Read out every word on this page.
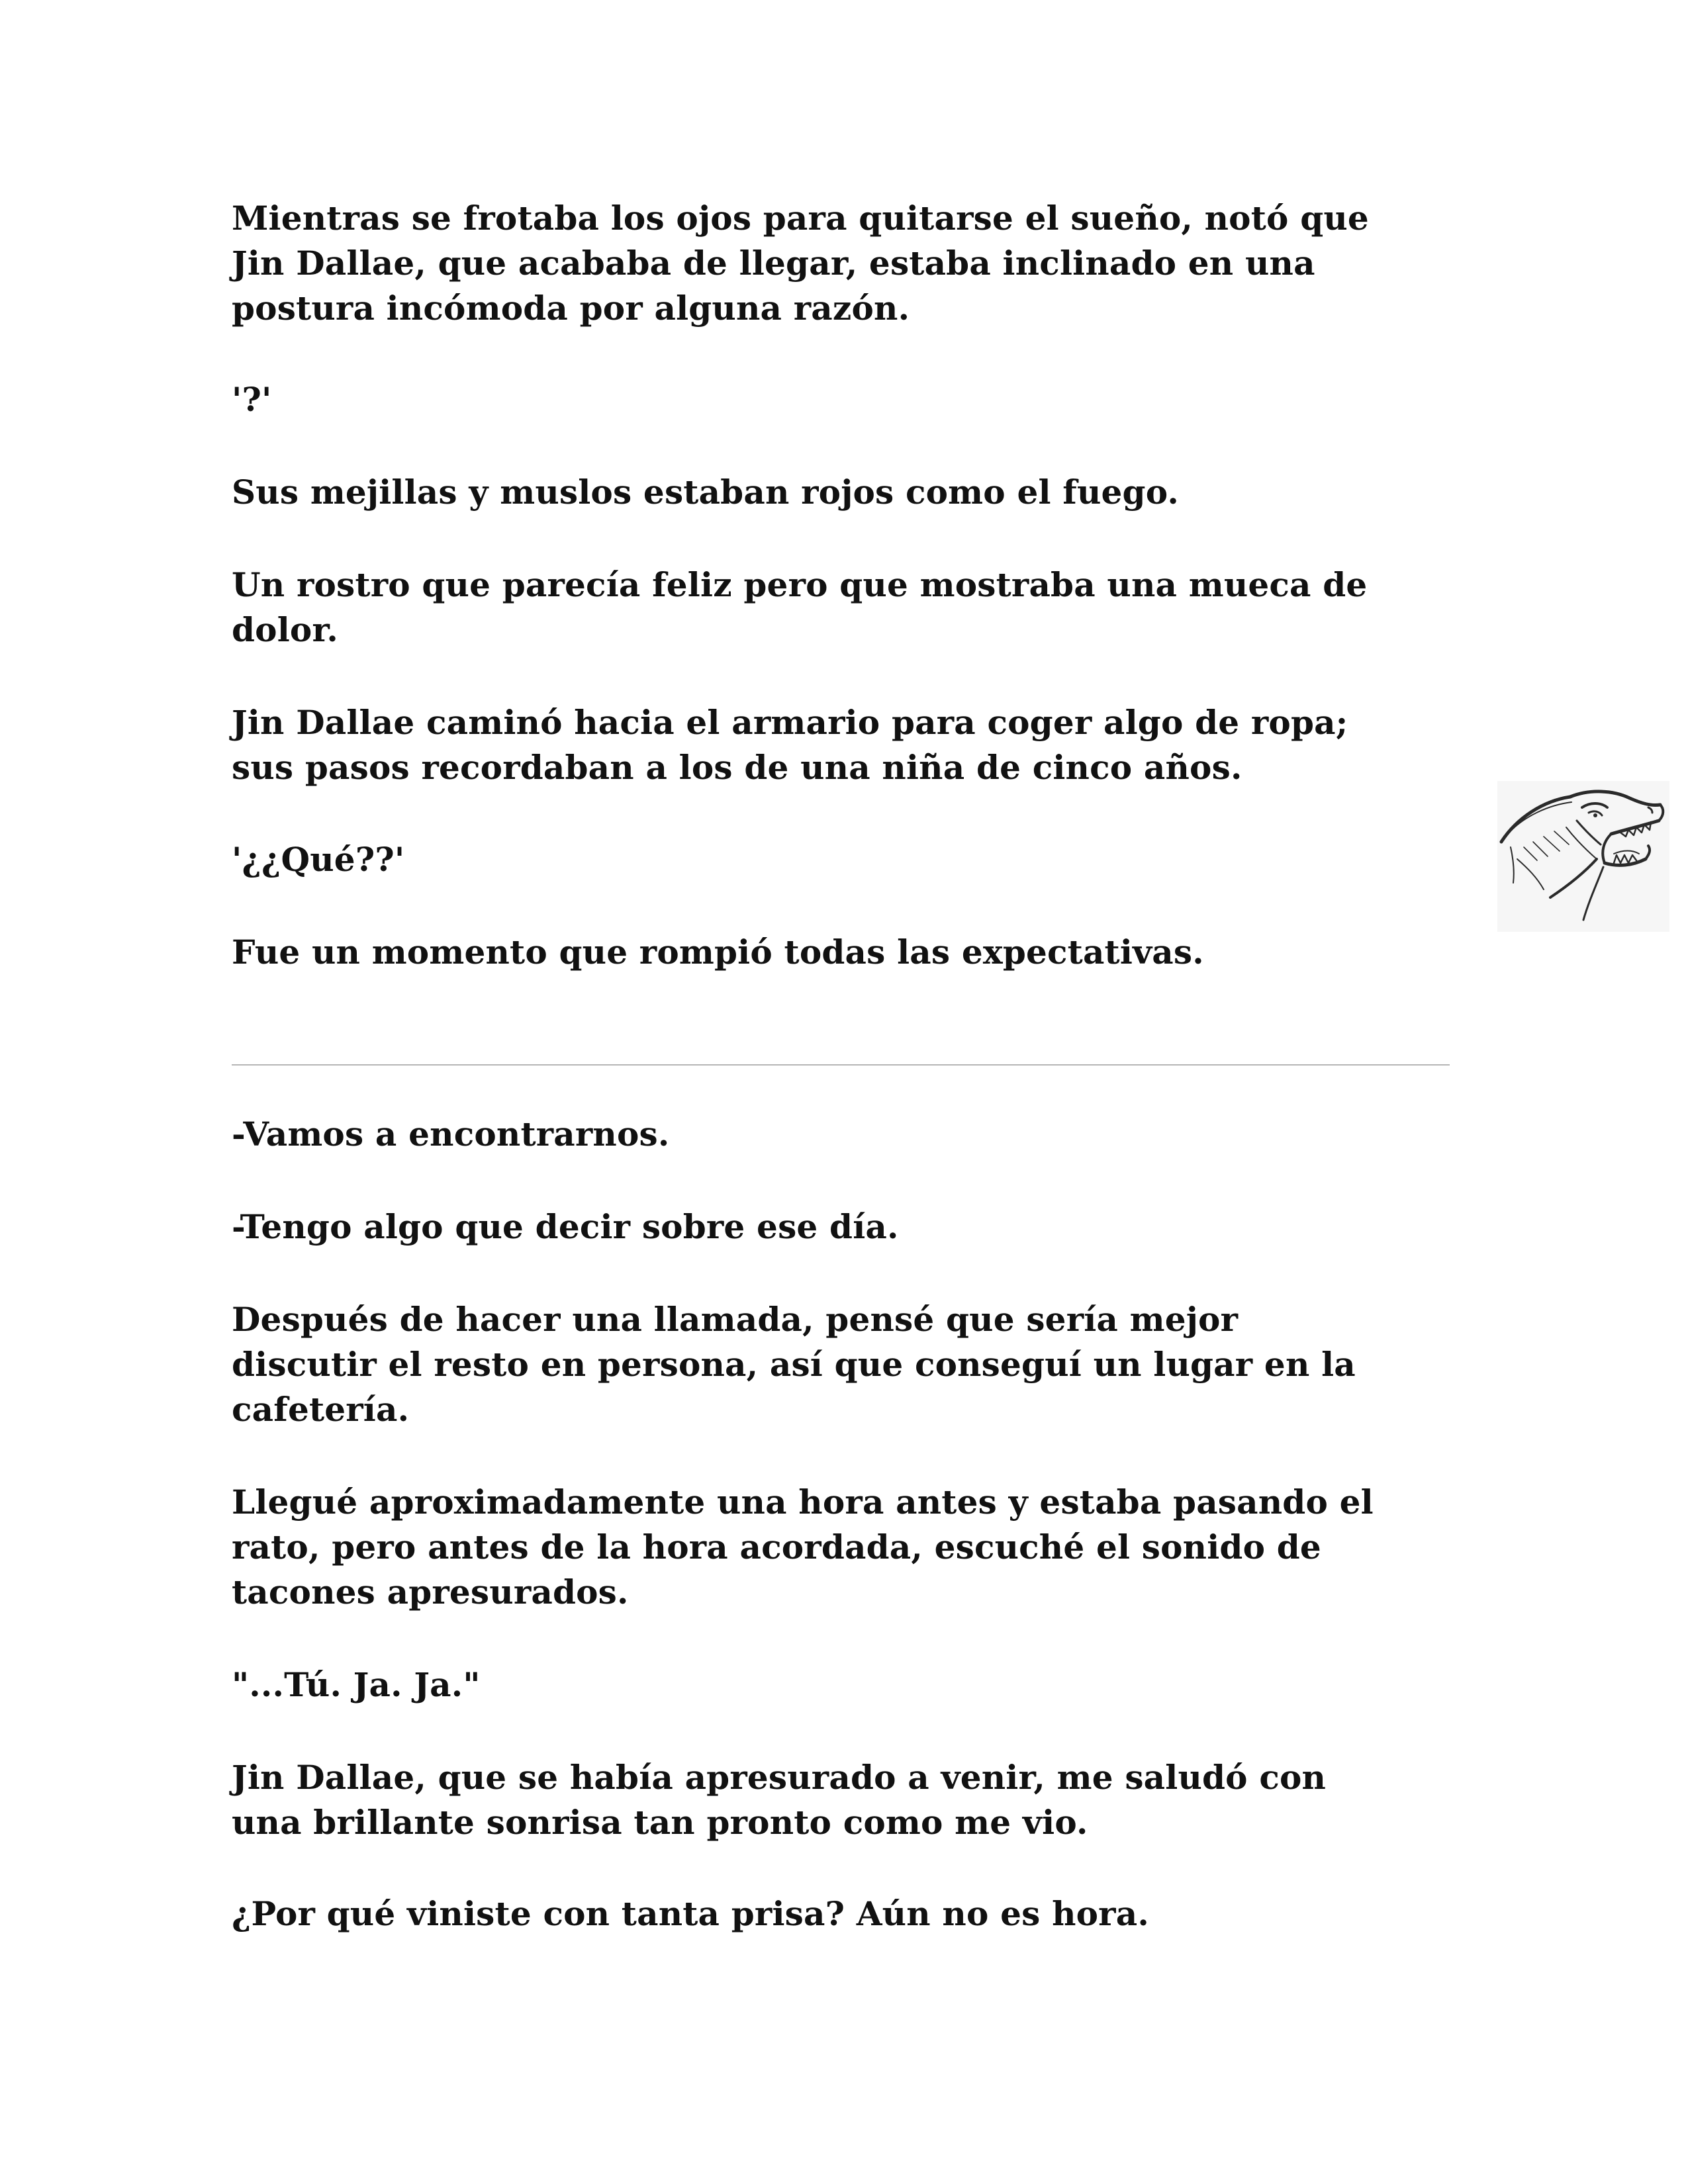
Mientras se frotaba los ojos para quitarse el sueño, notó que
Jin Dallae, que acababa de llegar, estaba inclinado en una
postura incómoda por alguna razón.

'?'

Sus mejillas y muslos estaban rojos como el fuego.

Un rostro que parecía feliz pero que mostraba una mueca de
dolor.

Jin Dallae caminó hacia el armario para coger algo de ropa;
sus pasos recordaban a los de una niña de cinco años.

'¿¿Qué??'

Fue un momento que rompió todas las expectativas.

-Vamos a encontrarnos.

-Tengo algo que decir sobre ese día.

Después de hacer una llamada, pensé que sería mejor
discutir el resto en persona, así que conseguí un lugar en la
cafetería.

Llegué aproximadamente una hora antes y estaba pasando el
rato, pero antes de la hora acordada, escuché el sonido de
tacones apresurados.

"...Tú. Ja. Ja."

Jin Dallae, que se había apresurado a venir, me saludó con
una brillante sonrisa tan pronto como me vio.

¿Por qué viniste con tanta prisa? Aún no es hora.
